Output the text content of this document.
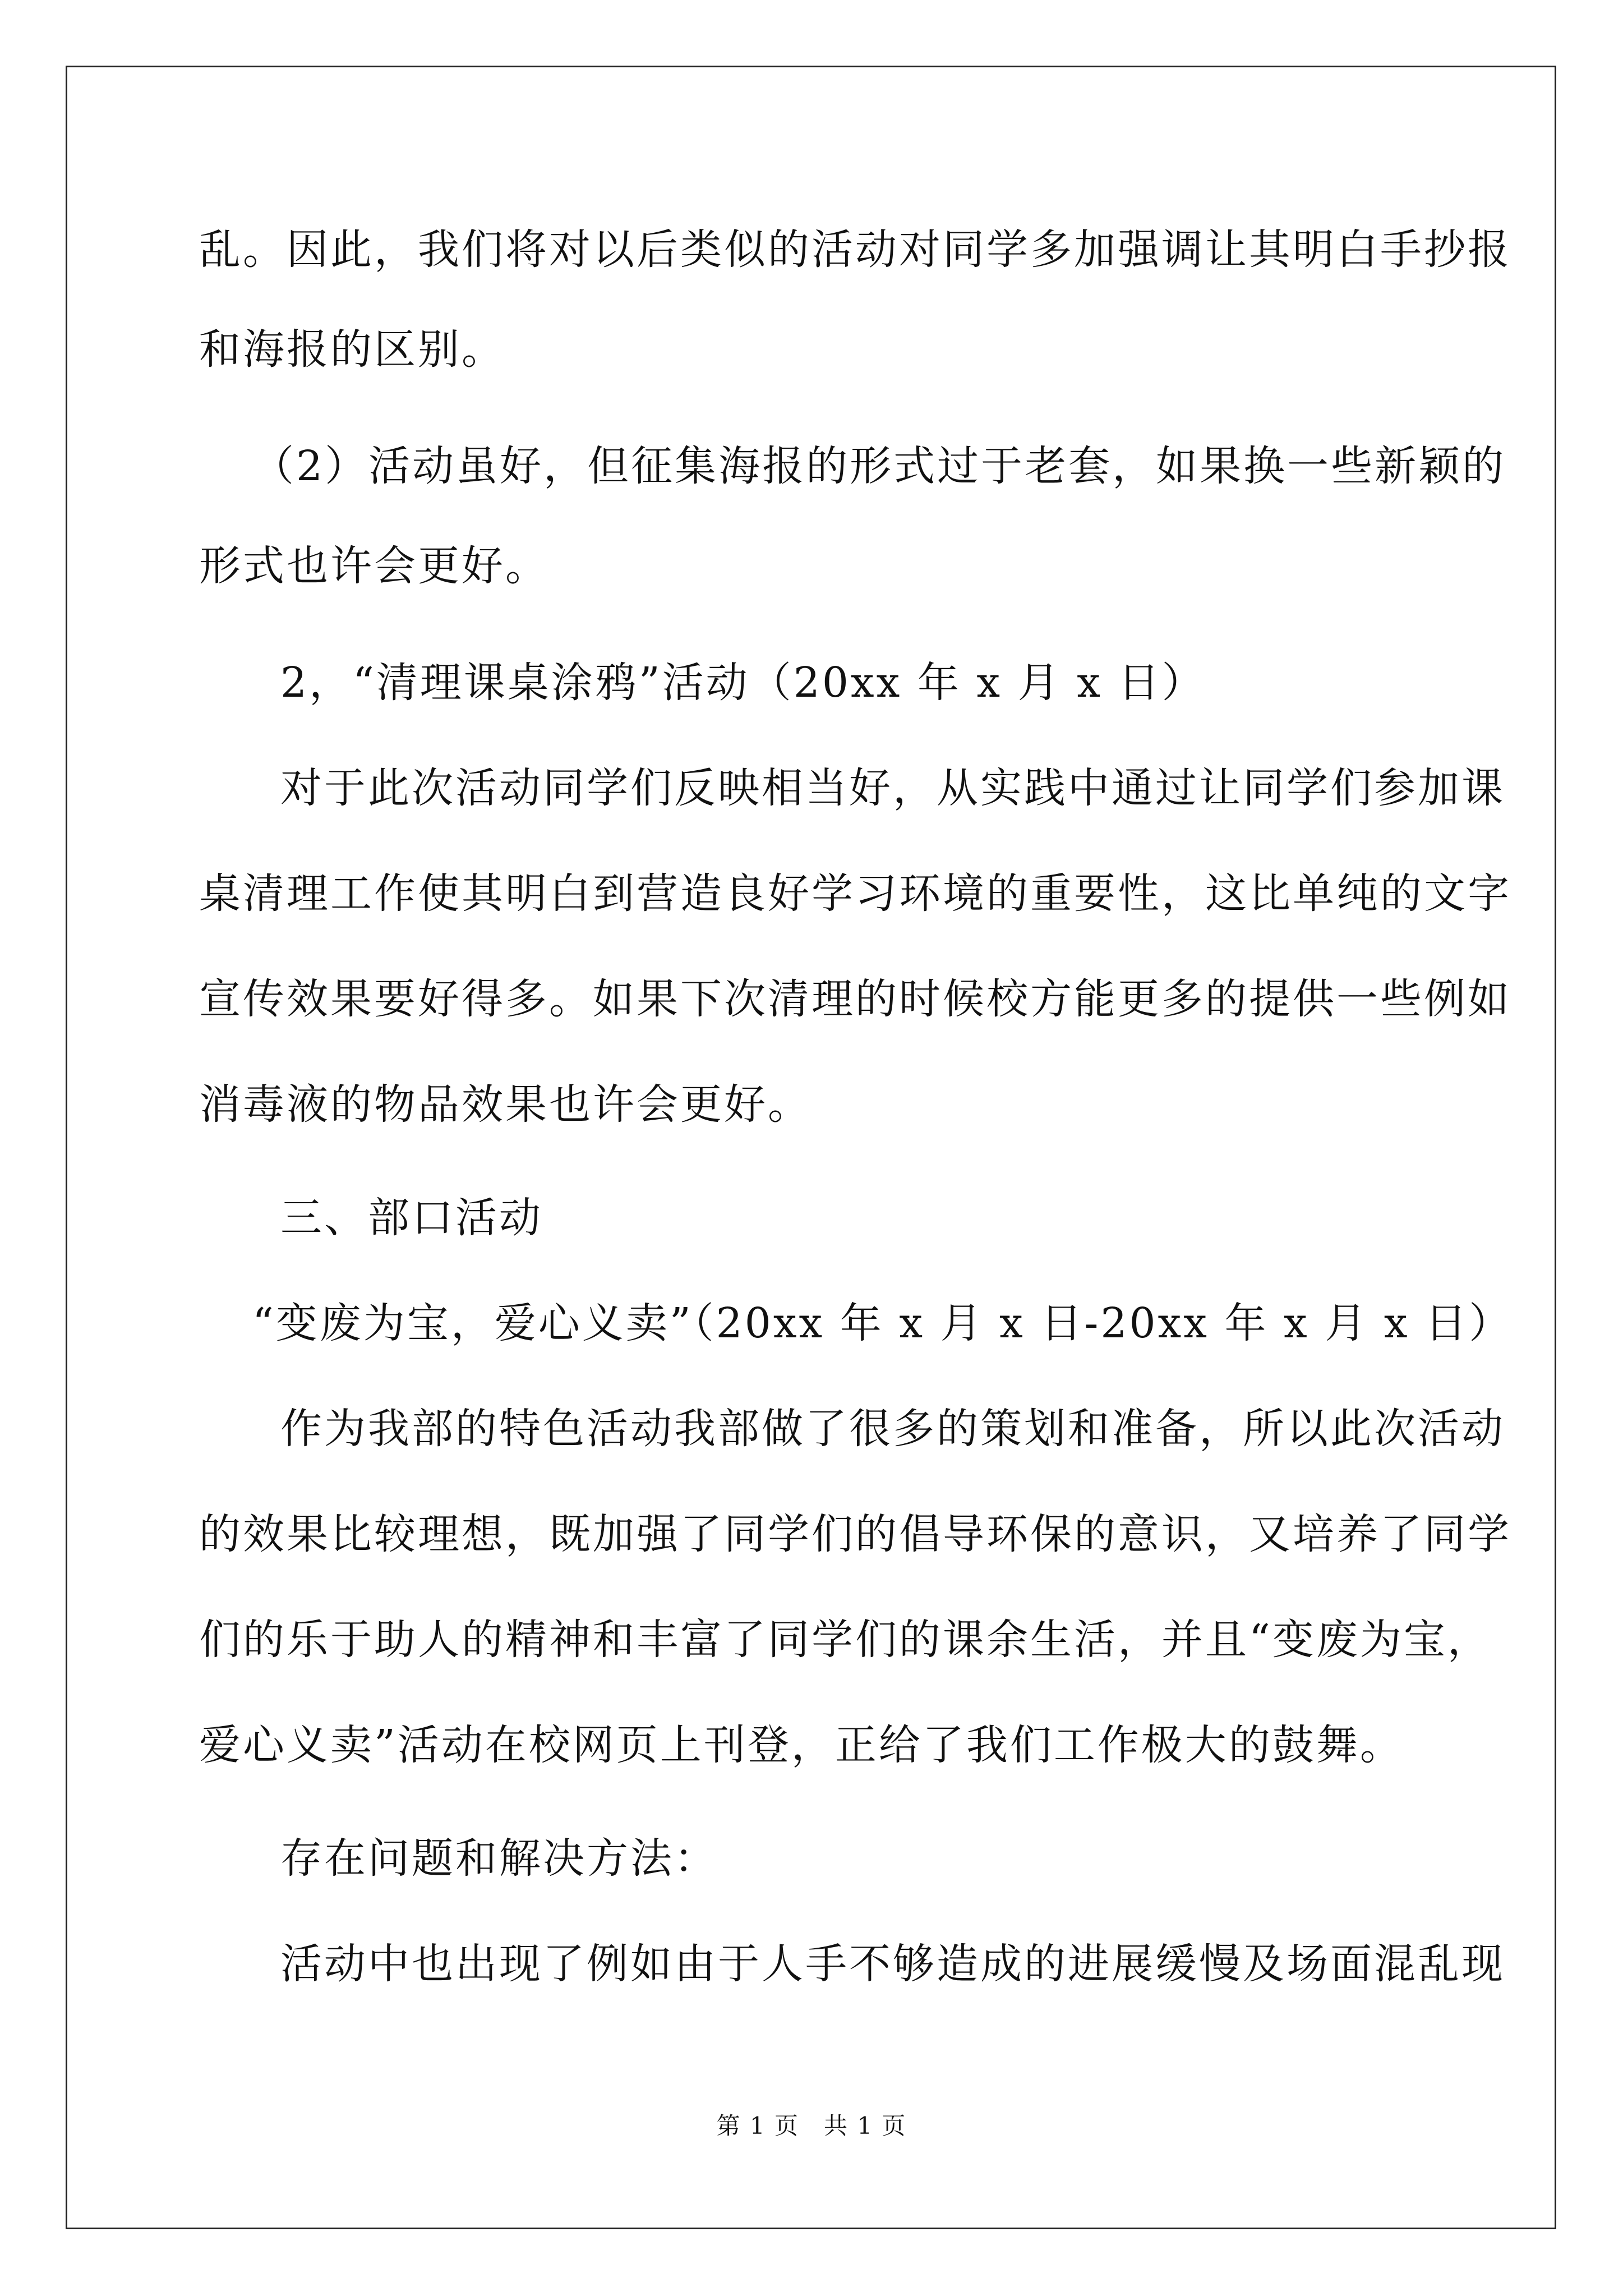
乱。因此，我们将对以后类似的活动对同学多加强调让其明白手抄报
和海报的区别。
（2）活动虽好，但征集海报的形式过于老套，如果换一些新颖的
形式也许会更好。
2，“清理课桌涂鸦”活动（20xx 年 x 月 x 日）
对于此次活动同学们反映相当好，从实践中通过让同学们参加课
桌清理工作使其明白到营造良好学习环境的重要性，这比单纯的文字
宣传效果要好得多。如果下次清理的时候校方能更多的提供一些例如
消毒液的物品效果也许会更好。
三、部口活动
“变废为宝，爱心义卖”（20xx 年 x 月 x 日-20xx 年 x 月 x 日）
作为我部的特色活动我部做了很多的策划和准备，所以此次活动
的效果比较理想，既加强了同学们的倡导环保的意识，又培养了同学
们的乐于助人的精神和丰富了同学们的课余生活，并且“变废为宝，
爱心义卖”活动在校网页上刊登，正给了我们工作极大的鼓舞。
存在问题和解决方法：
活动中也出现了例如由于人手不够造成的进展缓慢及场面混乱现
第 1 页　共 1 页
